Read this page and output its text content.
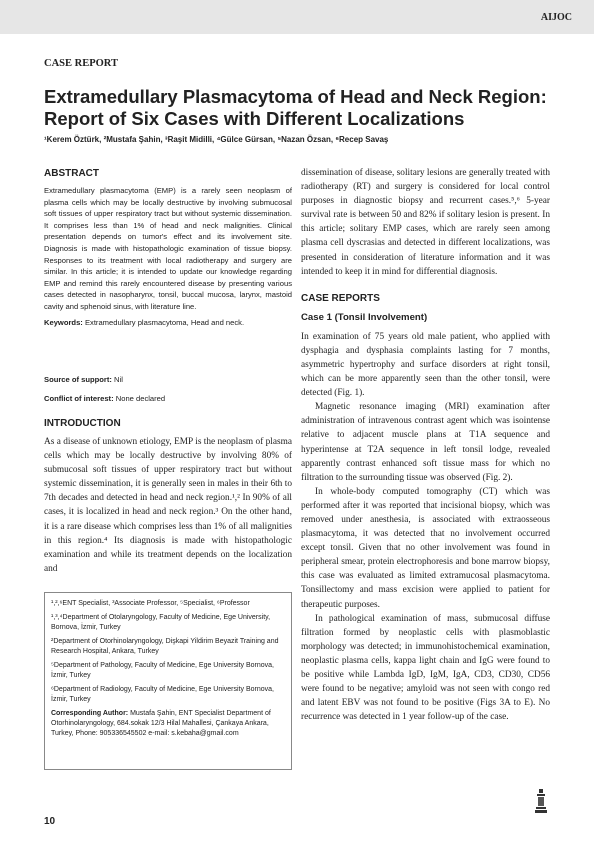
AIJOC
CASE REPORT
Extramedullary Plasmacytoma of Head and Neck Region: Report of Six Cases with Different Localizations
¹Kerem Öztürk, ²Mustafa Şahin, ³Raşit Midilli, ⁴Gülce Gürsan, ⁵Nazan Özsan, ⁶Recep Savaş

ABSTRACT

Extramedullary plasmacytoma (EMP) is a rarely seen neoplasm of plasma cells which may be locally destructive by involving submucosal soft tissues of upper respiratory tract but without systemic dissemination. It comprises less than 1% of head and neck malignities. Clinical presentation depends on tumor's effect and its involvement site. Diagnosis is made with histopathologic examination of tissue biopsy. Responses to its treatment with local radiotherapy and surgery are similar. In this article; it is intended to update our knowledge regarding EMP and remind this rarely encountered disease by presenting various cases detected in nasopharynx, tonsil, buccal mucosa, larynx, mastoid cavity and sphenoid sinus, with literature line.

Keywords: Extramedullary plasmacytoma, Head and neck.

Source of support: Nil

Conflict of interest: None declared

INTRODUCTION

As a disease of unknown etiology, EMP is the neoplasm of plasma cells which may be locally destructive by involving 80% of submucosal soft tissues of upper respiratory tract but without systemic dissemination, it is generally seen in males in their 6th to 7th decades and detected in head and neck region.¹,² In 90% of all cases, it is localized in head and neck region.³ On the other hand, it is a rare disease which comprises less than 1% of all malignities in this region.⁴ Its diagnosis is made with histopathologic examination and while its treatment depends on the localization and

¹,²,⁶ENT Specialist, ³Associate Professor, ⁵Specialist, ⁶Professor

¹,³,⁴Department of Otolaryngology, Faculty of Medicine, Ege University, Bornova, İzmir, Turkey

²Department of Otorhinolaryngology, Dişkapi Yildirim Beyazit Training and Research Hospital, Ankara, Turkey

⁵Department of Pathology, Faculty of Medicine, Ege University Bornova, İzmir, Turkey

⁶Department of Radiology, Faculty of Medicine, Ege University Bornova, İzmir, Turkey

Corresponding Author: Mustafa Şahin, ENT Specialist Department of Otorhinolaryngology, 684.sokak 12/3 Hilal Mahallesi, Çankaya Ankara, Turkey, Phone: 905336545502 e-mail: s.kebaha@gmail.com

dissemination of disease, solitary lesions are generally treated with radiotherapy (RT) and surgery is considered for local control purposes in diagnostic biopsy and recurrent cases.⁵,⁶ 5-year survival rate is between 50 and 82% if solitary lesion is present. In this article; solitary EMP cases, which are rarely seen among plasma cell dyscrasias and detected in different localizations, was presented in consideration of literature information and it was intended to keep it in mind for differential diagnosis.

CASE REPORTS

Case 1 (Tonsil Involvement)

In examination of 75 years old male patient, who applied with dysphagia and dysphasia complaints lasting for 7 months, asymmetric hypertrophy and surface disorders at right tonsil, which can be more apparently seen than the other tonsil, were detected (Fig. 1).

Magnetic resonance imaging (MRI) examination after administration of intravenous contrast agent which was isointense relative to adjacent muscle plans at T1A sequence and hyperintense at T2A sequence in left tonsil lodge, revealed apparently contrast enhanced soft tissue mass for which no filtration to the surrounding tissue was observed (Fig. 2).

In whole-body computed tomography (CT) which was performed after it was reported that incisional biopsy, which was removed under anesthesia, is associated with extraosseous plasmacytoma, it was detected that no involvement occurred except tonsil. Given that no other involvement was found in peripheral smear, protein electrophoresis and bone marrow biopsy, this case was evaluated as limited extramucosal plasmacytoma. Tonsillectomy and mass excision were applied to patient for therapeutic purposes.

In pathological examination of mass, submucosal diffuse filtration formed by neoplastic cells with plasmoblastic morphology was detected; in immunohistochemical examination, neoplastic plasma cells, kappa light chain and IgG were found to be positive while Lambda IgD, IgM, IgA, CD3, CD30, CD56 were found to be negative; amyloid was not seen with congo red and latent EBV was not found to be positive (Figs 3A to E). No recurrence was detected in 1 year follow-up of the case.

10
